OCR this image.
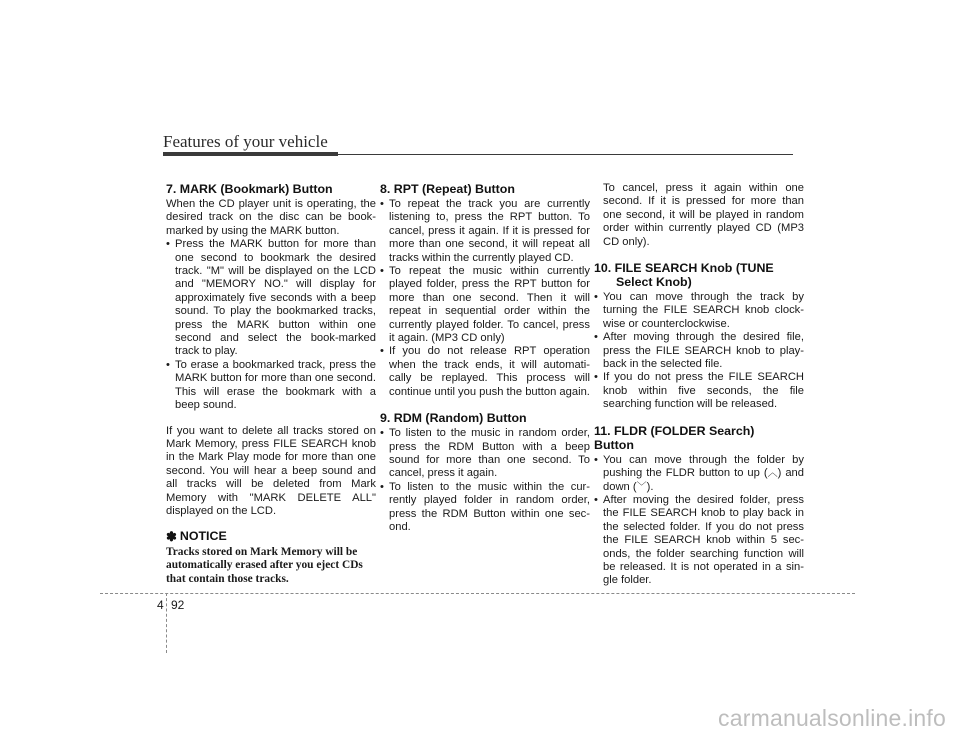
Features of your vehicle
7. MARK (Bookmark) Button

When the CD player unit is operating, the desired track on the disc can be book-marked by using the MARK button.

• Press the MARK button for more than one second to bookmark the desired track. "M" will be displayed on the LCD and "MEMORY NO." will display for approximately five seconds with a beep sound. To play the bookmarked tracks, press the MARK button within one second and select the book-marked track to play.
• To erase a bookmarked track, press the MARK button for more than one second. This will erase the bookmark with a beep sound.

If you want to delete all tracks stored on Mark Memory, press FILE SEARCH knob in the Mark Play mode for more than one second. You will hear a beep sound and all tracks will be deleted from Mark Memory with "MARK DELETE ALL" displayed on the LCD.

✽ NOTICE

Tracks stored on Mark Memory will be automatically erased after you eject CDs that contain those tracks.

8. RPT (Repeat) Button
• To repeat the track you are currently listening to, press the RPT button. To cancel, press it again. If it is pressed for more than one second, it will repeat all tracks within the currently played CD.
• To repeat the music within currently played folder, press the RPT button for more than one second. Then it will repeat in sequential order within the currently played folder. To cancel, press it again. (MP3 CD only)
• If you do not release RPT operation when the track ends, it will automati-cally be replayed. This process will continue until you push the button again.
9. RDM (Random) Button
• To listen to the music in random order, press the RDM Button with a beep sound for more than one second. To cancel, press it again.
• To listen to the music within the cur-rently played folder in random order, press the RDM Button within one sec-ond.

To cancel, press it again within one second. If it is pressed for more than one second, it will be played in random order within currently played CD (MP3 CD only).

10. FILE SEARCH Knob (TUNE
Select Knob)
• You can move through the track by turning the FILE SEARCH knob clock-wise or counterclockwise.
• After moving through the desired file, press the FILE SEARCH knob to play-back in the selected file.
• If you do not press the FILE SEARCH knob within five seconds, the file searching function will be released.
11. FLDR (FOLDER Search)
Button
• You can move through the folder by pushing the FLDR button to up (︿) and down (﹀).
• After moving the desired folder, press the FILE SEARCH knob to play back in the selected folder. If you do not press the FILE SEARCH knob within 5 sec-onds, the folder searching function will be released. It is not operated in a sin-gle folder.
4 92
carmanualsonline.info
